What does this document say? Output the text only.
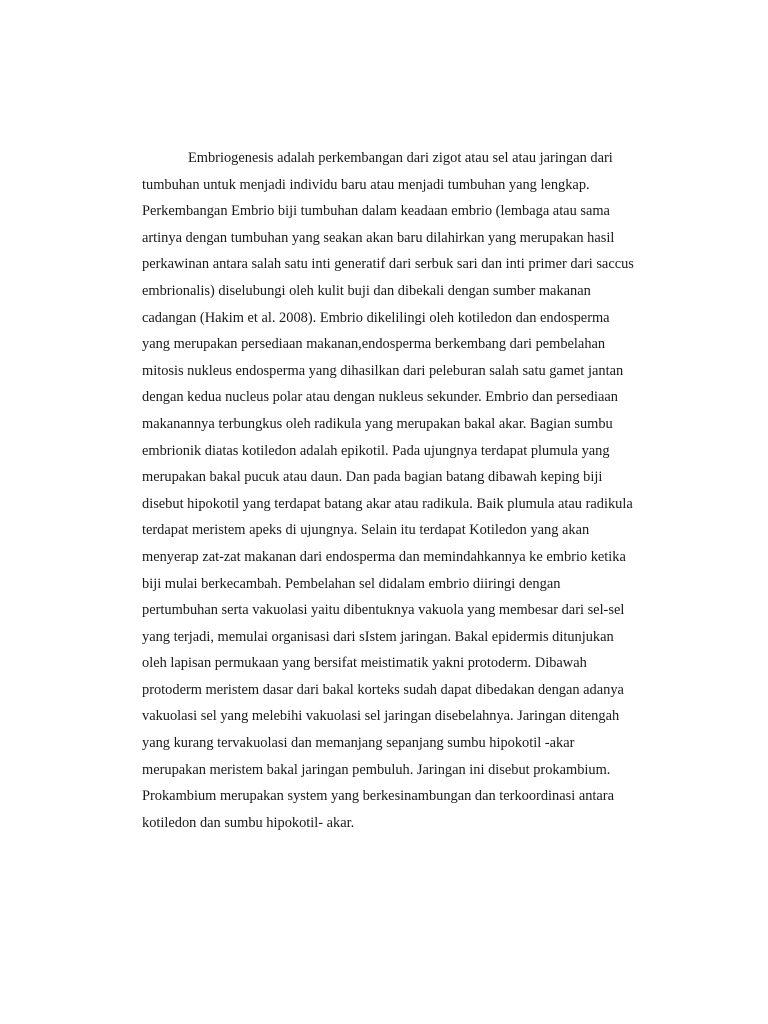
Embriogenesis adalah perkembangan dari zigot atau sel atau jaringan dari
tumbuhan untuk menjadi individu baru atau menjadi tumbuhan yang lengkap.
Perkembangan Embrio biji tumbuhan dalam keadaan embrio (lembaga atau sama
artinya dengan tumbuhan yang seakan akan baru dilahirkan yang merupakan hasil
perkawinan antara salah satu inti generatif dari serbuk sari dan inti primer dari saccus
embrionalis) diselubungi oleh kulit buji dan dibekali dengan sumber makanan
cadangan (Hakim et al. 2008). Embrio dikelilingi oleh kotiledon dan endosperma
yang merupakan persediaan makanan,endosperma berkembang dari pembelahan
mitosis nukleus endosperma yang dihasilkan dari peleburan salah satu gamet jantan
dengan kedua nucleus polar atau dengan nukleus sekunder. Embrio dan persediaan
makanannya terbungkus oleh radikula yang merupakan bakal akar. Bagian sumbu
embrionik diatas kotiledon adalah epikotil. Pada ujungnya terdapat plumula yang
merupakan bakal pucuk atau daun. Dan pada bagian batang dibawah keping biji
disebut hipokotil yang terdapat batang akar atau radikula. Baik plumula atau radikula
terdapat meristem apeks di ujungnya. Selain itu terdapat Kotiledon yang akan
menyerap zat-zat makanan dari endosperma dan memindahkannya ke embrio ketika
biji mulai berkecambah. Pembelahan sel didalam embrio diiringi dengan
pertumbuhan serta vakuolasi yaitu dibentuknya vakuola yang membesar dari sel-sel
yang terjadi, memulai organisasi dari sIstem jaringan. Bakal epidermis ditunjukan
oleh lapisan permukaan yang bersifat meistimatik yakni protoderm. Dibawah
protoderm meristem dasar dari bakal korteks sudah dapat dibedakan dengan adanya
vakuolasi sel yang melebihi vakuolasi sel jaringan disebelahnya. Jaringan ditengah
yang kurang tervakuolasi dan memanjang sepanjang sumbu hipokotil -akar
merupakan meristem bakal jaringan pembuluh. Jaringan ini disebut prokambium.
Prokambium merupakan system yang berkesinambungan dan terkoordinasi antara
kotiledon dan sumbu hipokotil- akar.
